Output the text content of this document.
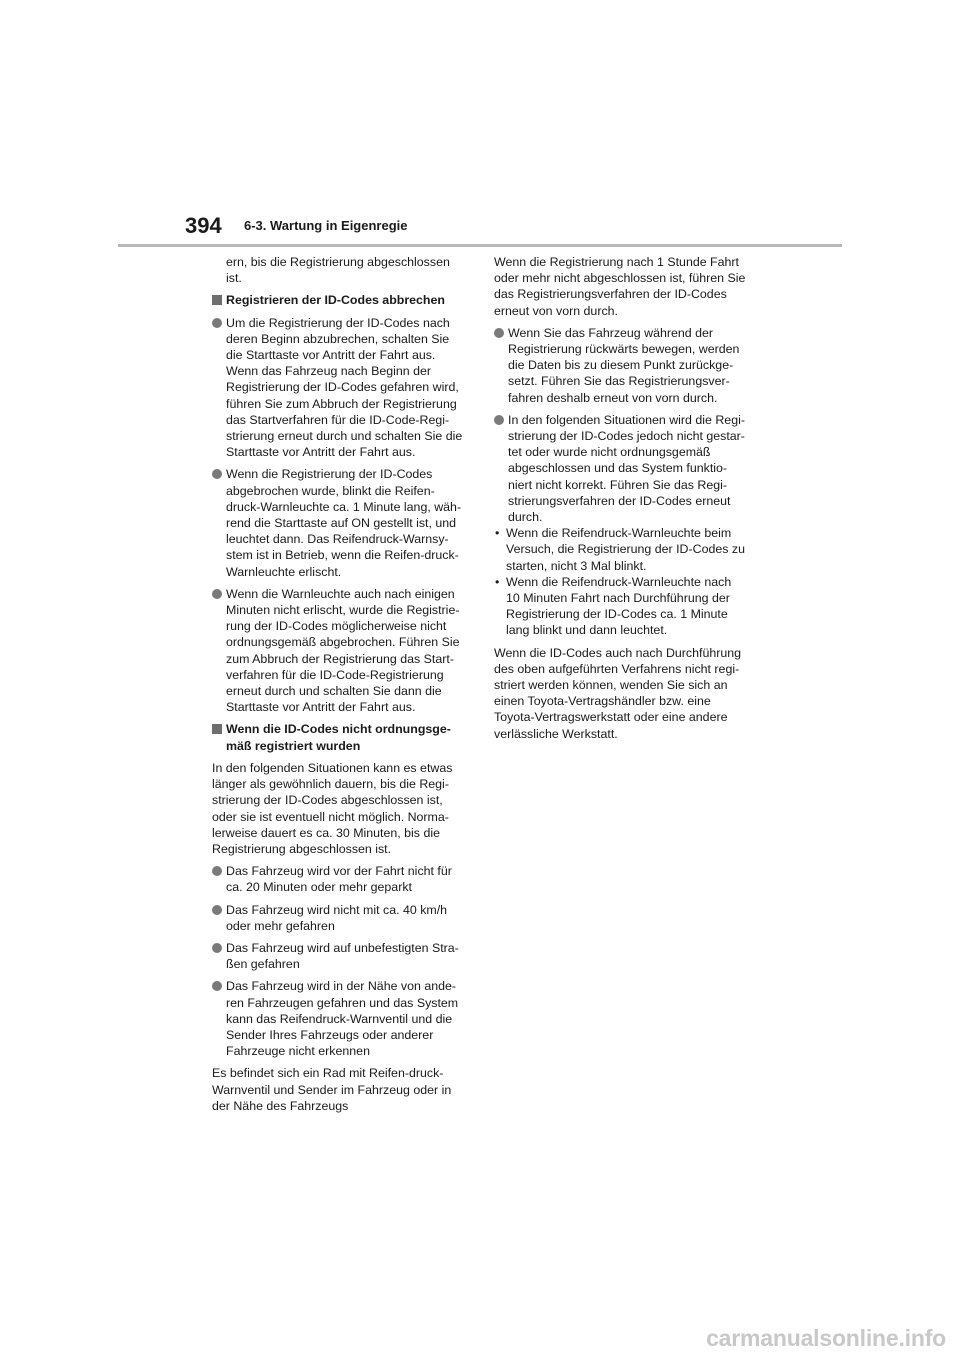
394 6-3. Wartung in Eigenregie

ern, bis die Registrierung abgeschlossen ist.

Registrieren der ID-Codes abbrechen
Um die Registrierung der ID-Codes nach deren Beginn abzubrechen, schalten Sie die Starttaste vor Antritt der Fahrt aus. Wenn das Fahrzeug nach Beginn der Registrierung der ID-Codes gefahren wird, führen Sie zum Abbruch der Registrierung das Startverfahren für die ID-Code-Regi-strierung erneut durch und schalten Sie die Starttaste vor Antritt der Fahrt aus.
Wenn die Registrierung der ID-Codes abgebrochen wurde, blinkt die Reifen-druck-Warnleuchte ca. 1 Minute lang, wäh-rend die Starttaste auf ON gestellt ist, und leuchtet dann. Das Reifendruck-Warnsy-stem ist in Betrieb, wenn die Reifen-druck-Warnleuchte erlischt.
Wenn die Warnleuchte auch nach einigen Minuten nicht erlischt, wurde die Registrie-rung der ID-Codes möglicherweise nicht ordnungsgemäß abgebrochen. Führen Sie zum Abbruch der Registrierung das Start-verfahren für die ID-Code-Registrierung erneut durch und schalten Sie dann die Starttaste vor Antritt der Fahrt aus.
Wenn die ID-Codes nicht ordnungsge-mäß registriert wurden

In den folgenden Situationen kann es etwas länger als gewöhnlich dauern, bis die Regi-strierung der ID-Codes abgeschlossen ist, oder sie ist eventuell nicht möglich. Norma-lerweise dauert es ca. 30 Minuten, bis die Registrierung abgeschlossen ist.

Das Fahrzeug wird vor der Fahrt nicht für ca. 20 Minuten oder mehr geparkt
Das Fahrzeug wird nicht mit ca. 40 km/h oder mehr gefahren
Das Fahrzeug wird auf unbefestigten Stra-ßen gefahren
Das Fahrzeug wird in der Nähe von ande-ren Fahrzeugen gefahren und das System kann das Reifendruck-Warnventil und die Sender Ihres Fahrzeugs oder anderer Fahrzeuge nicht erkennen

Es befindet sich ein Rad mit Reifen-druck-Warnventil und Sender im Fahrzeug oder in der Nähe des Fahrzeugs

Wenn die Registrierung nach 1 Stunde Fahrt oder mehr nicht abgeschlossen ist, führen Sie das Registrierungsverfahren der ID-Codes erneut von vorn durch.

Wenn Sie das Fahrzeug während der Registrierung rückwärts bewegen, werden die Daten bis zu diesem Punkt zurückge-setzt. Führen Sie das Registrierungsver-fahren deshalb erneut von vorn durch.
In den folgenden Situationen wird die Regi-strierung der ID-Codes jedoch nicht gestar-tet oder wurde nicht ordnungsgemäß abgeschlossen und das System funktio-niert nicht korrekt. Führen Sie das Regi-strierungsverfahren der ID-Codes erneut durch.
• Wenn die Reifendruck-Warnleuchte beim Versuch, die Registrierung der ID-Codes zu starten, nicht 3 Mal blinkt.
• Wenn die Reifendruck-Warnleuchte nach 10 Minuten Fahrt nach Durchführung der Registrierung der ID-Codes ca. 1 Minute lang blinkt und dann leuchtet.

Wenn die ID-Codes auch nach Durchführung des oben aufgeführten Verfahrens nicht regi-striert werden können, wenden Sie sich an einen Toyota-Vertragshändler bzw. eine Toyota-Vertragswerkstatt oder eine andere verlässliche Werkstatt.

carmanualsonline.info
